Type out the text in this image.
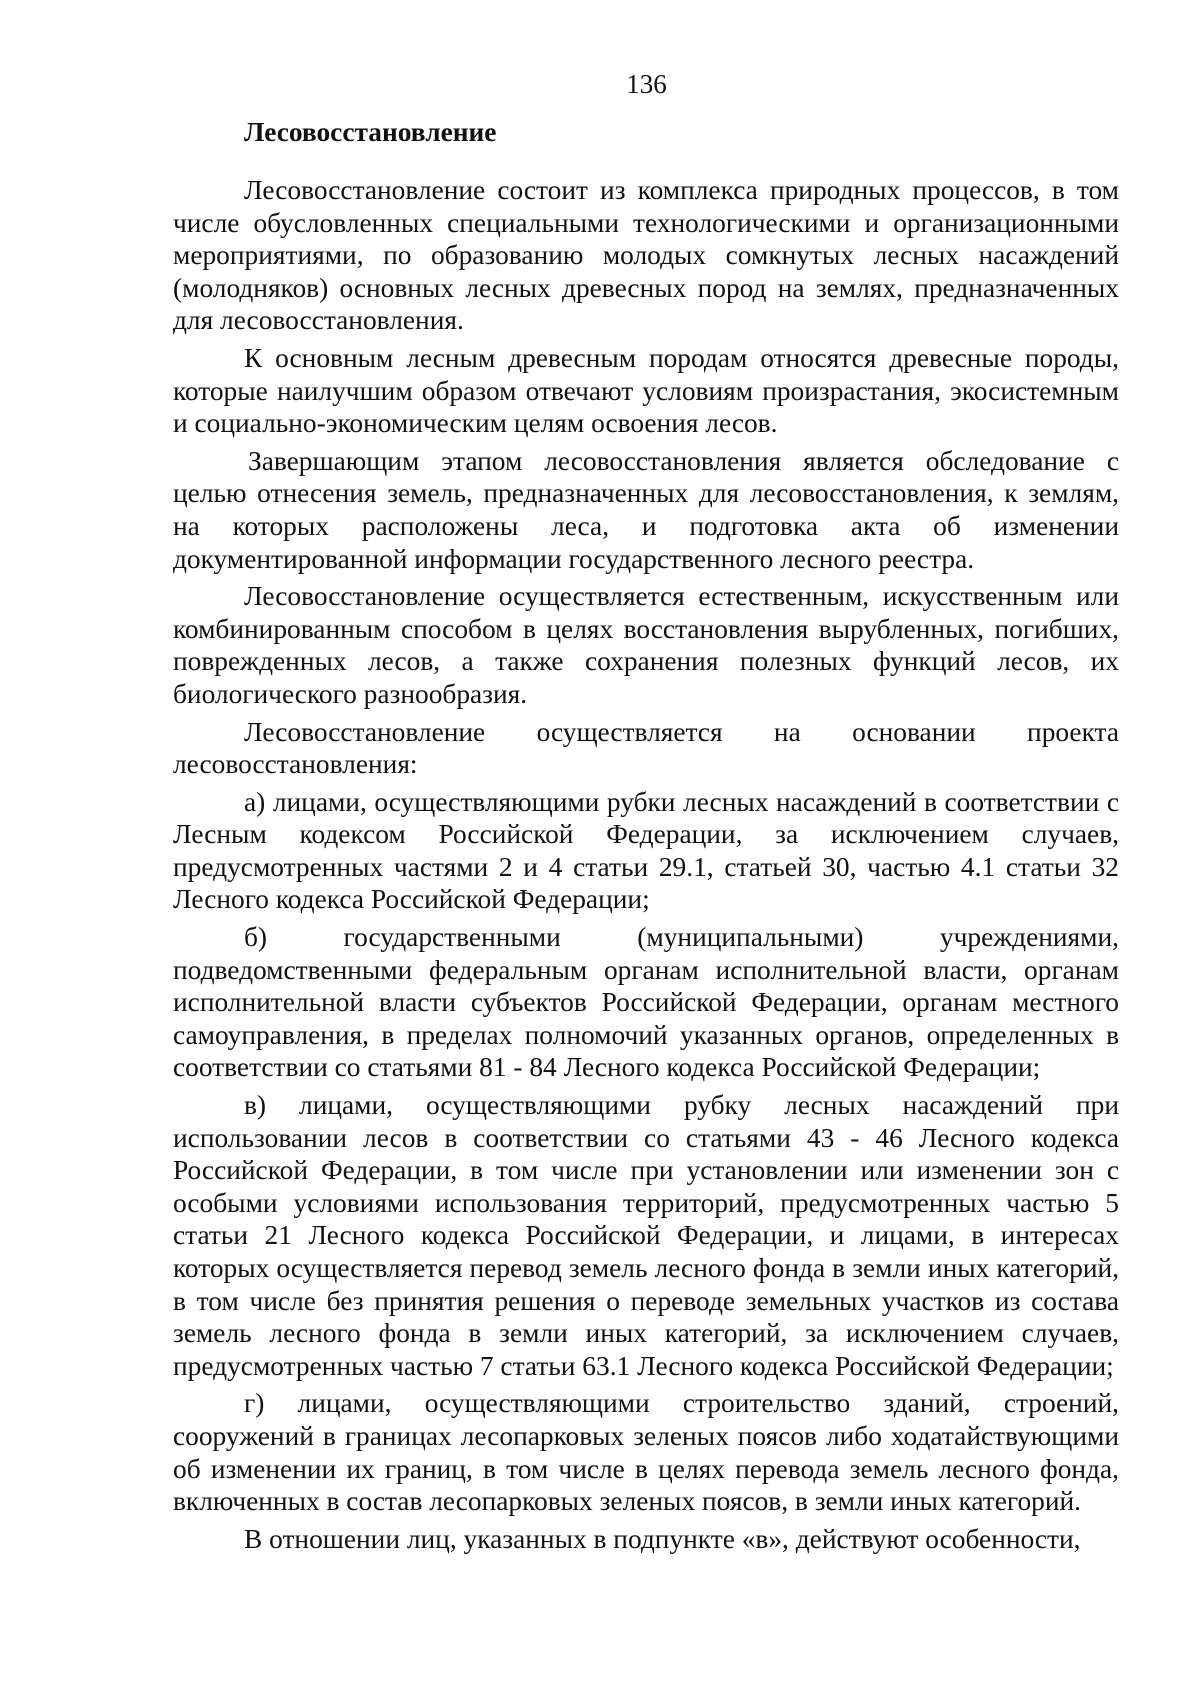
136
Лесовосстановление

Лесовосстановление состоит из комплекса природных процессов, в том числе обусловленных специальными технологическими и организационными мероприятиями, по образованию молодых сомкнутых лесных насаждений (молодняков) основных лесных древесных пород на землях, предназначенных для лесовосстановления.

К основным лесным древесным породам относятся древесные породы, которые наилучшим образом отвечают условиям произрастания, экосистемным и социально-экономическим целям освоения лесов.

Завершающим этапом лесовосстановления является обследование с целью отнесения земель, предназначенных для лесовосстановления, к землям, на которых расположены леса, и подготовка акта об изменении документированной информации государственного лесного реестра.

Лесовосстановление осуществляется естественным, искусственным или комбинированным способом в целях восстановления вырубленных, погибших, поврежденных лесов, а также сохранения полезных функций лесов, их биологического разнообразия.

Лесовосстановление осуществляется на основании проекта лесовосстановления:

а) лицами, осуществляющими рубки лесных насаждений в соответствии с Лесным кодексом Российской Федерации, за исключением случаев, предусмотренных частями 2 и 4 статьи 29.1, статьей 30, частью 4.1 статьи 32 Лесного кодекса Российской Федерации;

б) государственными (муниципальными) учреждениями, подведомственными федеральным органам исполнительной власти, органам исполнительной власти субъектов Российской Федерации, органам местного самоуправления, в пределах полномочий указанных органов, определенных в соответствии со статьями 81 - 84 Лесного кодекса Российской Федерации;

в) лицами, осуществляющими рубку лесных насаждений при использовании лесов в соответствии со статьями 43 - 46 Лесного кодекса Российской Федерации, в том числе при установлении или изменении зон с особыми условиями использования территорий, предусмотренных частью 5 статьи 21 Лесного кодекса Российской Федерации, и лицами, в интересах которых осуществляется перевод земель лесного фонда в земли иных категорий, в том числе без принятия решения о переводе земельных участков из состава земель лесного фонда в земли иных категорий, за исключением случаев, предусмотренных частью 7 статьи 63.1 Лесного кодекса Российской Федерации;

г) лицами, осуществляющими строительство зданий, строений, сооружений в границах лесопарковых зеленых поясов либо ходатайствующими об изменении их границ, в том числе в целях перевода земель лесного фонда, включенных в состав лесопарковых зеленых поясов, в земли иных категорий.

В отношении лиц, указанных в подпункте «в», действуют особенности,
